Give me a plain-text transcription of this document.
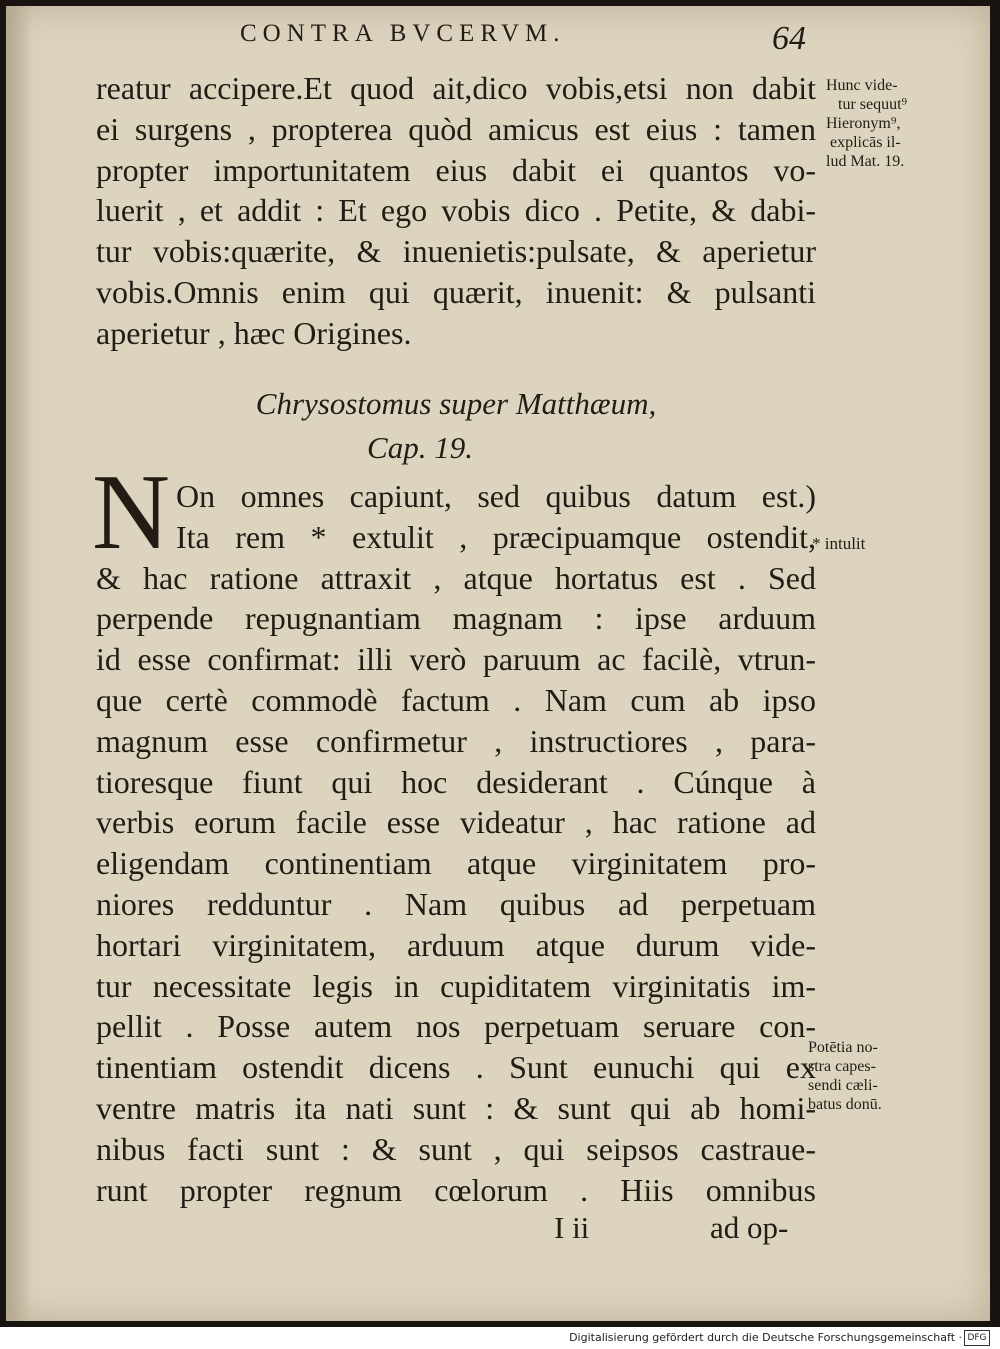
CONTRA BVCERVM.	64
reatur accipere.Et quod ait,dico vobis,etsi non dabit
ei surgens , propterea quòd amicus est eius : tamen
propter importunitatem eius dabit ei quantos vo-
luerit , et addit : Et ego vobis dico . Petite, & dabi-
tur vobis:quærite, & inuenietis:pulsate, & aperietur
vobis.Omnis enim qui quærit, inuenit: & pulsanti
aperietur , hæc Origines.
Chrysostomus super Matthæum,
Cap. 19.
N On omnes capiunt, sed quibus datum est.)
Ita rem * extulit , præcipuamque ostendit,
& hac ratione attraxit , atque hortatus est . Sed
perpende repugnantiam magnam : ipse arduum
id esse confirmat: illi verò paruum ac facilè, vtrun-
que certè commodè factum . Nam cum ab ipso
magnum esse confirmetur , instructiores , para-
tioresque fiunt qui hoc desiderant . Cúnque à
verbis eorum facile esse videatur , hac ratione ad
eligendam continentiam atque virginitatem pro-
niores redduntur . Nam quibus ad perpetuam
hortari virginitatem, arduum atque durum vide-
tur necessitate legis in cupiditatem virginitatis im-
pellit . Posse autem nos perpetuam seruare con-
tinentiam ostendit dicens . Sunt eunuchi qui ex
ventre matris ita nati sunt : & sunt qui ab homi-
nibus facti sunt : & sunt , qui seipsos castraue-
runt propter regnum cœlorum . Hiis omnibus
I ii	ad op-
Hunc vide-
tur sequut⁹
Hieronym⁹,
explicās il-
lud Mat. 19.
* intulit
Potētia no-
stra capes-
sendi cæli-
batus donū.
Digitalisierung gefördert durch die Deutsche Forschungsgemeinschaft · DFG
